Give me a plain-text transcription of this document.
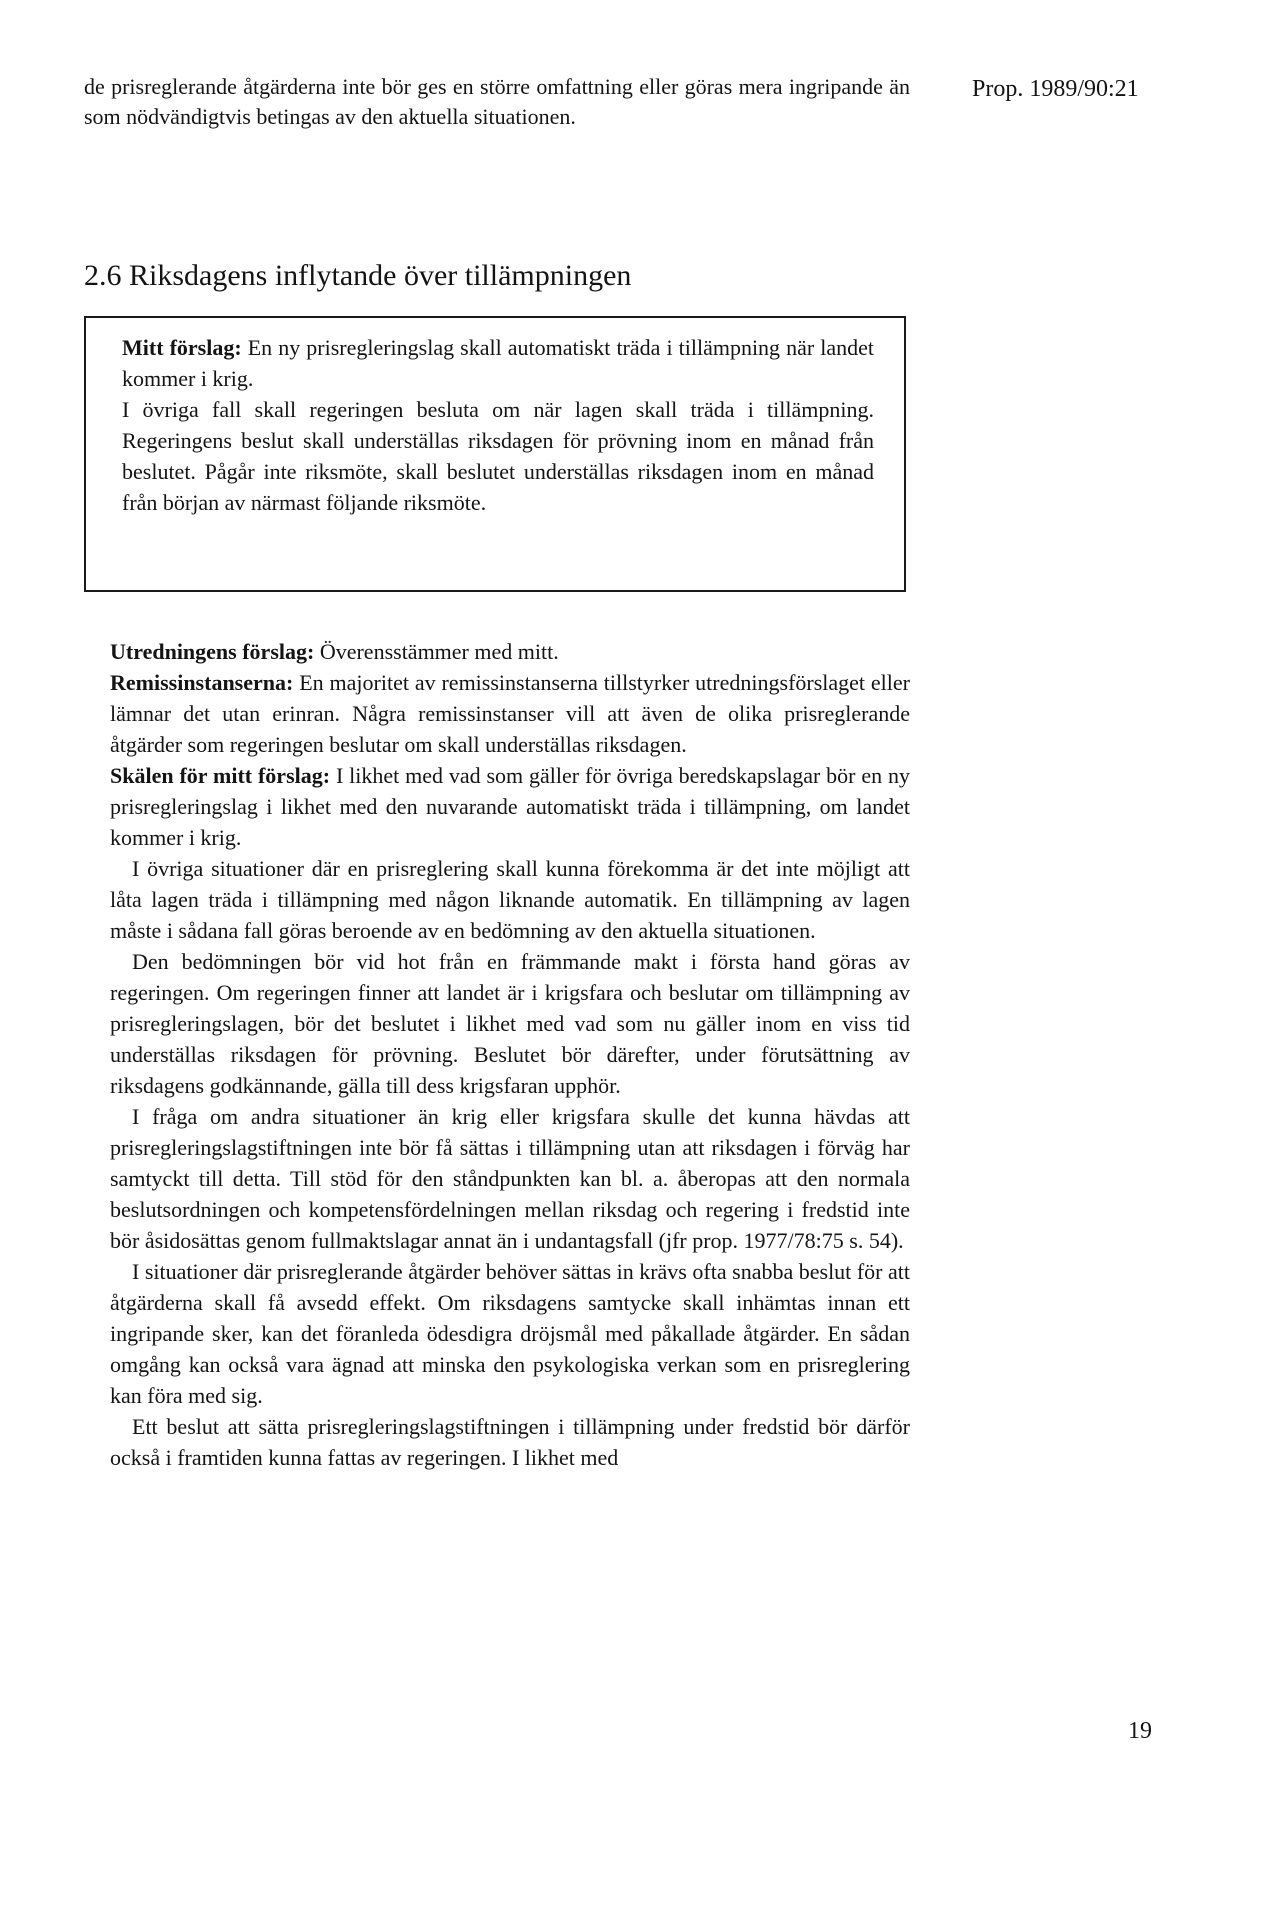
de prisreglerande åtgärderna inte bör ges en större omfattning eller göras mera ingripande än som nödvändigtvis betingas av den aktuella situationen.

Prop. 1989/90:21
2.6 Riksdagens inflytande över tillämpningen

Mitt förslag: En ny prisregleringslag skall automatiskt träda i tillämpning när landet kommer i krig.

I övriga fall skall regeringen besluta om när lagen skall träda i tillämpning. Regeringens beslut skall underställas riksdagen för prövning inom en månad från beslutet. Pågår inte riksmöte, skall beslutet underställas riksdagen inom en månad från början av närmast följande riksmöte.

Utredningens förslag: Överensstämmer med mitt.

Remissinstanserna: En majoritet av remissinstanserna tillstyrker utredningsförslaget eller lämnar det utan erinran. Några remissinstanser vill att även de olika prisreglerande åtgärder som regeringen beslutar om skall underställas riksdagen.

Skälen för mitt förslag: I likhet med vad som gäller för övriga beredskapslagar bör en ny prisregleringslag i likhet med den nuvarande automatiskt träda i tillämpning, om landet kommer i krig.

I övriga situationer där en prisreglering skall kunna förekomma är det inte möjligt att låta lagen träda i tillämpning med någon liknande automatik. En tillämpning av lagen måste i sådana fall göras beroende av en bedömning av den aktuella situationen.

Den bedömningen bör vid hot från en främmande makt i första hand göras av regeringen. Om regeringen finner att landet är i krigsfara och beslutar om tillämpning av prisregleringslagen, bör det beslutet i likhet med vad som nu gäller inom en viss tid underställas riksdagen för prövning. Beslutet bör därefter, under förutsättning av riksdagens godkännande, gälla till dess krigsfaran upphör.

I fråga om andra situationer än krig eller krigsfara skulle det kunna hävdas att prisregleringslagstiftningen inte bör få sättas i tillämpning utan att riksdagen i förväg har samtyckt till detta. Till stöd för den ståndpunkten kan bl. a. åberopas att den normala beslutsordningen och kompetensfördelningen mellan riksdag och regering i fredstid inte bör åsidosättas genom fullmaktslagar annat än i undantagsfall (jfr prop. 1977/78:75 s. 54).

I situationer där prisreglerande åtgärder behöver sättas in krävs ofta snabba beslut för att åtgärderna skall få avsedd effekt. Om riksdagens samtycke skall inhämtas innan ett ingripande sker, kan det föranleda ödesdigra dröjsmål med påkallade åtgärder. En sådan omgång kan också vara ägnad att minska den psykologiska verkan som en prisreglering kan föra med sig.

Ett beslut att sätta prisregleringslagstiftningen i tillämpning under fredstid bör därför också i framtiden kunna fattas av regeringen. I likhet med

19
